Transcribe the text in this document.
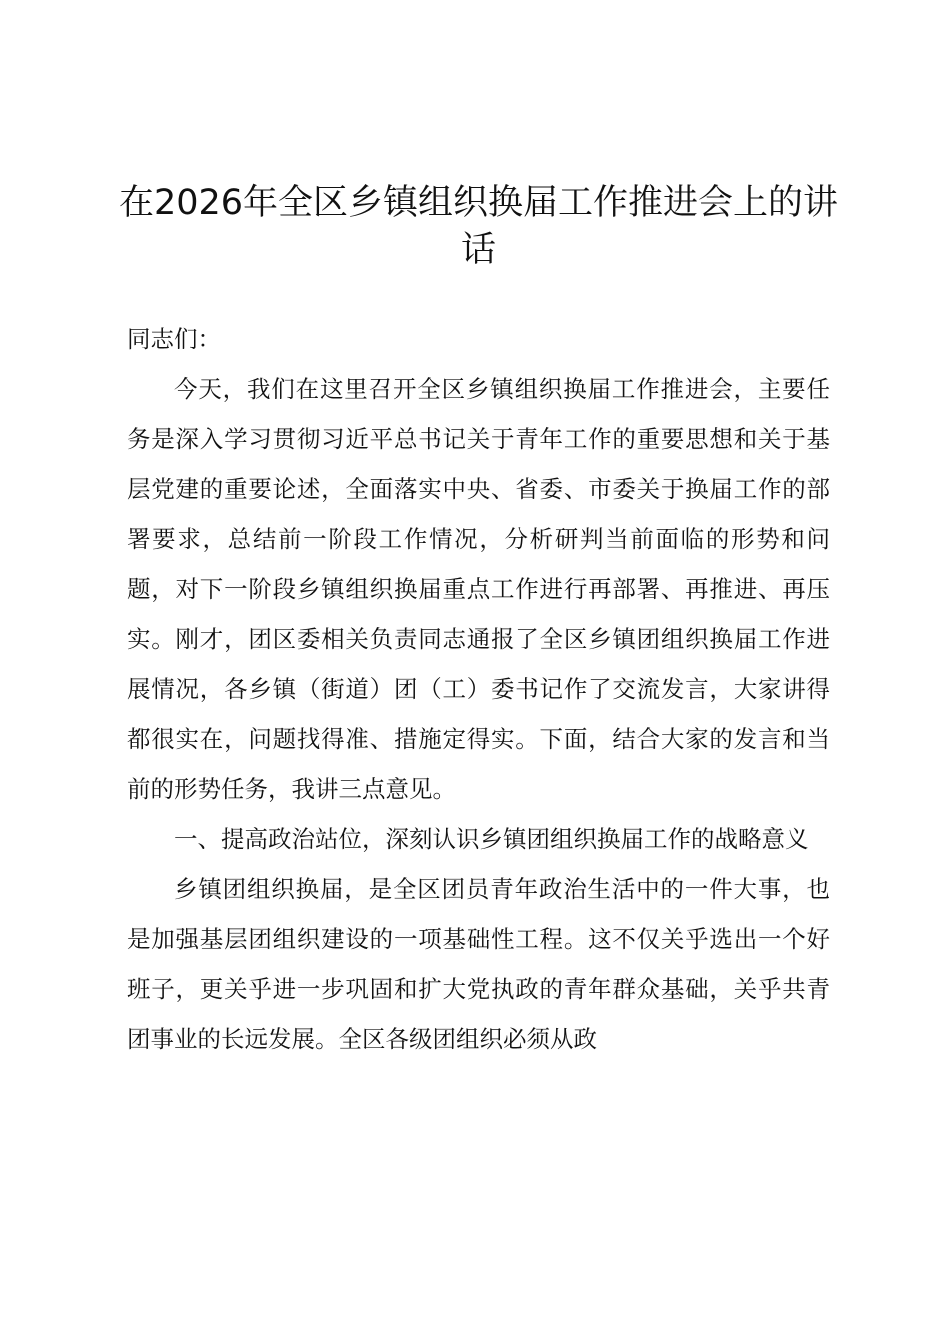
在2026年全区乡镇组织换届工作推进会上的讲话
同志们：

今天，我们在这里召开全区乡镇组织换届工作推进会，主要任务是深入学习贯彻习近平总书记关于青年工作的重要思想和关于基层党建的重要论述，全面落实中央、省委、市委关于换届工作的部署要求，总结前一阶段工作情况，分析研判当前面临的形势和问题，对下一阶段乡镇组织换届重点工作进行再部署、再推进、再压实。刚才，团区委相关负责同志通报了全区乡镇团组织换届工作进展情况，各乡镇（街道）团（工）委书记作了交流发言，大家讲得都很实在，问题找得准、措施定得实。下面，结合大家的发言和当前的形势任务，我讲三点意见。

一、提高政治站位，深刻认识乡镇团组织换届工作的战略意义

乡镇团组织换届，是全区团员青年政治生活中的一件大事，也是加强基层团组织建设的一项基础性工程。这不仅关乎选出一个好班子，更关乎进一步巩固和扩大党执政的青年群众基础，关乎共青团事业的长远发展。全区各级团组织必须从政
